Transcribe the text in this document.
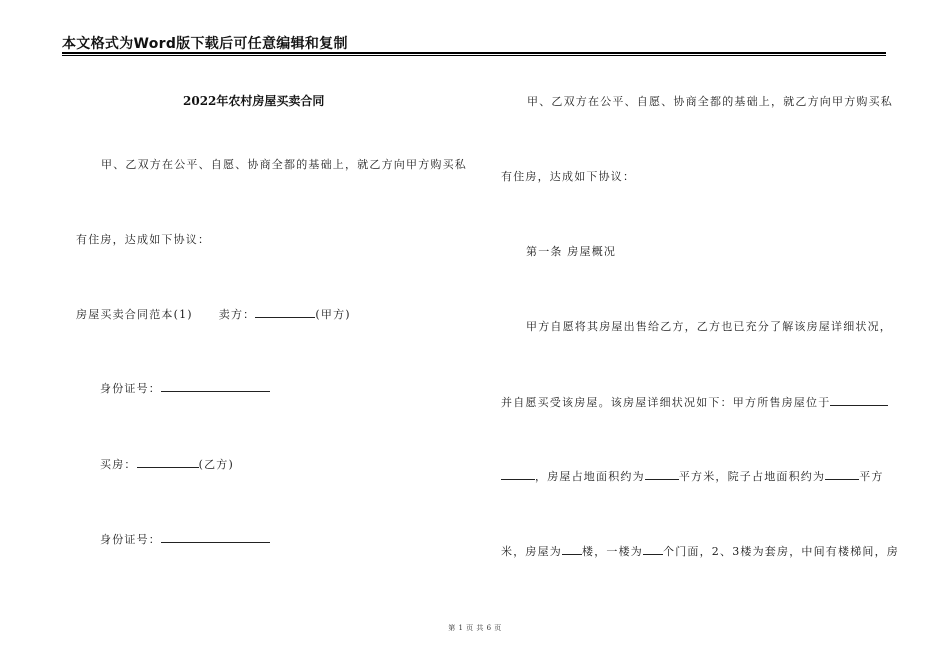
本文格式为Word版下载后可任意编辑和复制
2022年农村房屋买卖合同
甲、乙双方在公平、自愿、协商全都的基础上，就乙方向甲方购买私
有住房，达成如下协议：
房屋买卖合同范本(1) 卖方：	(甲方)
身份证号：
买房：	(乙方)
身份证号：
甲、乙双方在公平、自愿、协商全都的基础上，就乙方向甲方购买私
有住房，达成如下协议：
第一条 房屋概况
甲方自愿将其房屋出售给乙方，乙方也已充分了解该房屋详细状况，
并自愿买受该房屋。该房屋详细状况如下：甲方所售房屋位于
，房屋占地面积约为	平方米，院子占地面积约为	平方
米，房屋为 楼，一楼为 个门面，2、3楼为套房，中间有楼梯间，房
第 1 页 共 6 页
